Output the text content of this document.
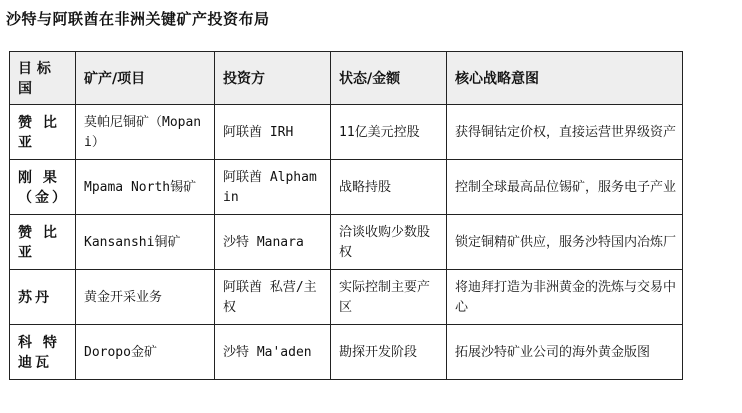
沙特与阿联酋在非洲关键矿产投资布局
目 标 国	矿产/项目	投资方	状态/金额	核心战略意图
赞 比 亚	莫帕尼铜矿（Mopani）	阿联酋 IRH	11亿美元控股	获得铜钴定价权，直接运营世界级资产
刚 果（金）	Mpama North锡矿	阿联酋 Alphamin	战略持股	控制全球最高品位锡矿，服务电子产业
赞 比 亚	Kansanshi铜矿	沙特 Manara	洽谈收购少数股权	锁定铜精矿供应，服务沙特国内冶炼厂
苏丹	黄金开采业务	阿联酋 私营/主权	实际控制主要产区	将迪拜打造为非洲黄金的洗炼与交易中心
科 特 迪瓦	Doropo金矿	沙特 Ma'aden	勘探开发阶段	拓展沙特矿业公司的海外黄金版图
